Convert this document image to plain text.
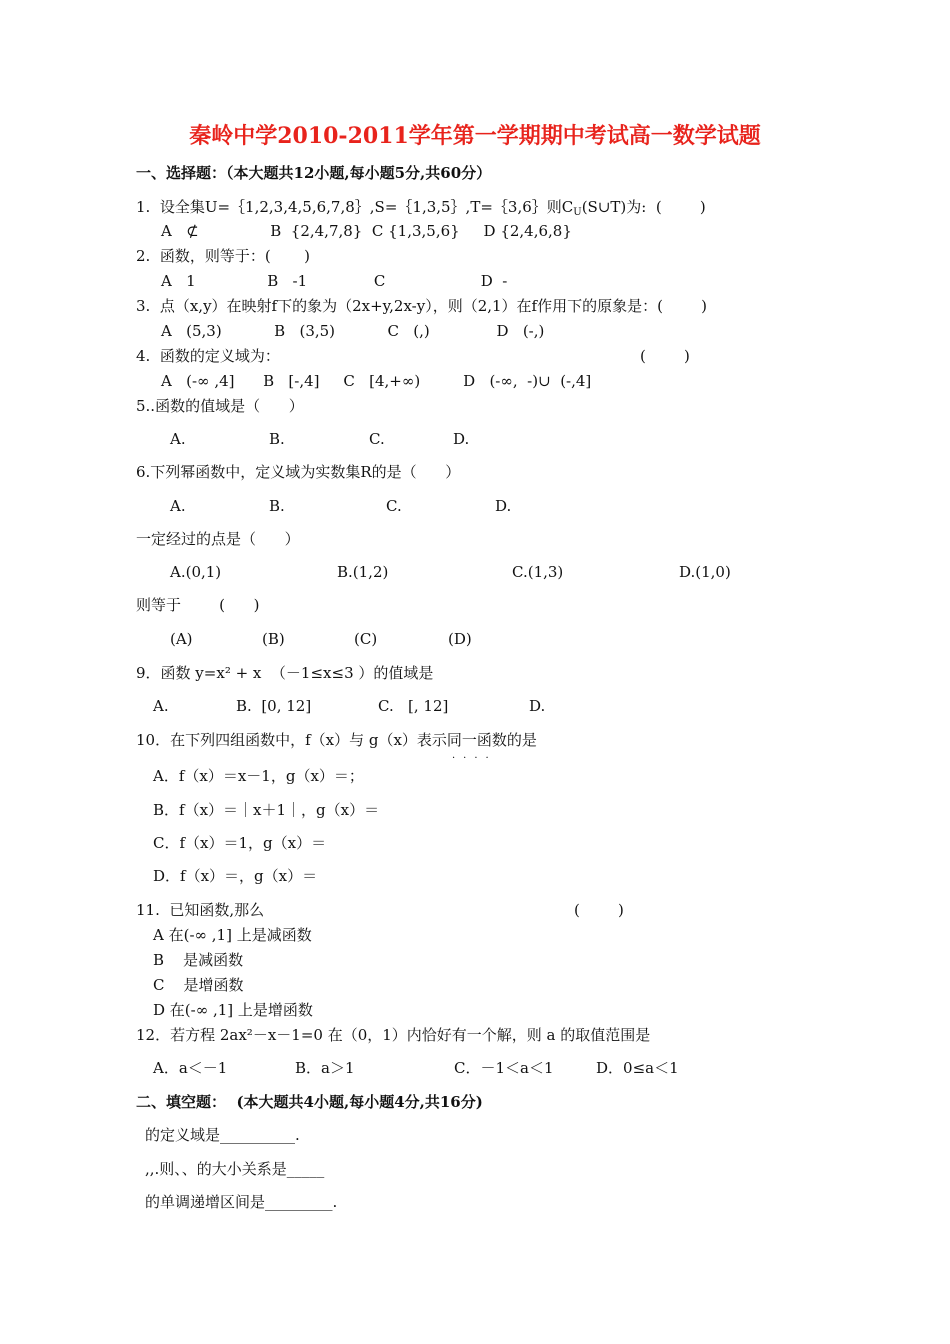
秦岭中学2010-2011学年第一学期期中考试高一数学试题
一、选择题：（本大题共12小题,每小题5分,共60分）
1.  设全集U=｛1,2,3,4,5,6,7,8｝,S=｛1,3,5｝,T=｛3,6｝则$C_U(S\cup T)$为:  (        )
A   ⊄               B  {2,4,7,8}  C {1,3,5,6}     D {2,4,6,8}
2.  函数，则等于：(       )
A   1               B   -1              C                    D  -
3.  点（x,y）在映射f下的象为（2x+y,2x-y），则（2,1）在f作用下的原象是：(        )
A   (5,3)           B   (3,5)           C   (,)              D   (-,)
4.  函数的定义域为：	(        )
A   (-∞ ,4]      B   [-,4]     C   [4,+∞)         D   (-∞,  -)∪  (-,4]
5..函数的值域是（      ）
A.	B.	C.	D.
6.下列幂函数中，定义域为实数集R的是（      ）
A.	B.	C.	D.
一定经过的点是（      ）
A.(0,1)	B.(1,2)	C.(1,3)	D.(1,0)
则等于        (      )
(A)	(B)	(C)	(D)
9．函数 y=x² + x  （－1≤x≤3 ）的值域是
A.	B.  [0, 12]	C.   [, 12]	D.
10．在下列四组函数中，f（x）与 g（x）表示同一函数的是
····
A．f（x）＝x－1，g（x）＝；
B．f（x）＝｜x＋1｜，g（x）＝
C．f（x）＝1，g（x）＝
D．f（x）＝，g（x）＝
11.  已知函数,那么	(        )
A 在(-∞ ,1] 上是减函数
B    是减函数
C    是增函数
D 在(-∞ ,1] 上是增函数
12．若方程 2ax²－x－1=0 在（0，1）内恰好有一个解，则 a 的取值范围是
A．a＜－1	B．a＞1	C．－1＜a＜1	D．0≤a＜1
二、填空题：  (本大题共4小题,每小题4分,共16分)
的定义域是__________.
,,.则、、的大小关系是_____
的单调递增区间是_________.
